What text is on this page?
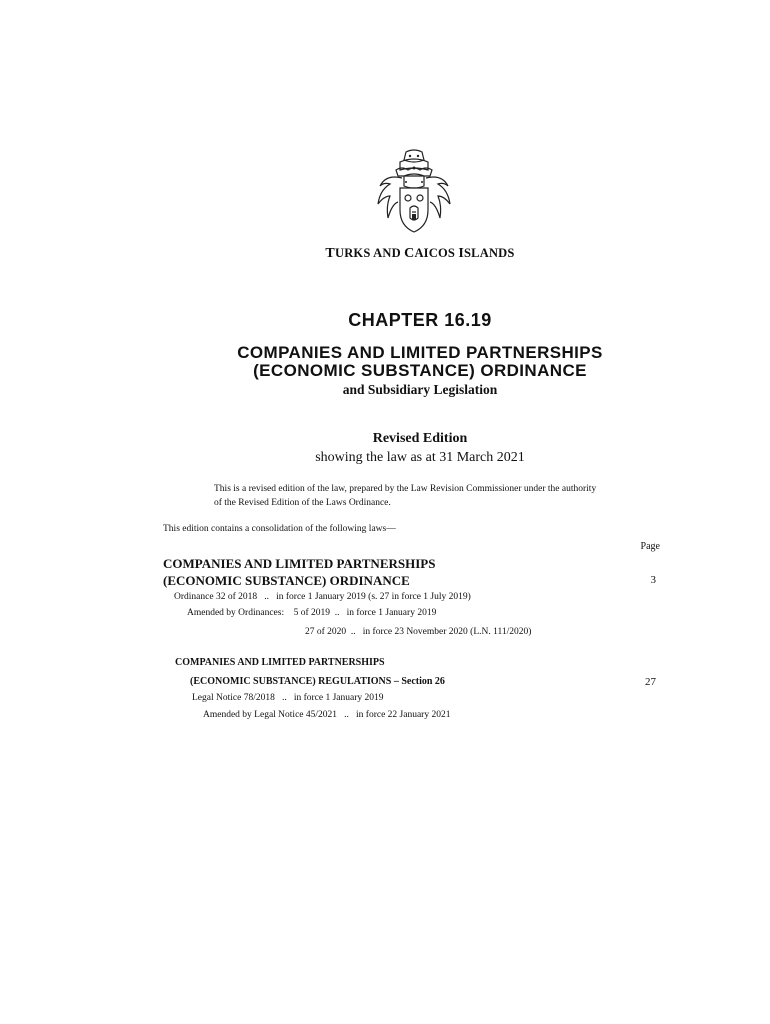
TURKS AND CAICOS ISLANDS
CHAPTER 16.19
COMPANIES AND LIMITED PARTNERSHIPS
(ECONOMIC SUBSTANCE) ORDINANCE
and Subsidiary Legislation
Revised Edition
showing the law as at 31 March 2021
This is a revised edition of the law, prepared by the Law Revision Commissioner under the authority
of the Revised Edition of the Laws Ordinance.
This edition contains a consolidation of the following laws—
Page
COMPANIES AND LIMITED PARTNERSHIPS
(ECONOMIC SUBSTANCE) ORDINANCE	3
Ordinance 32 of 2018   ..   in force 1 January 2019 (s. 27 in force 1 July 2019)
Amended by Ordinances:    5 of 2019  ..   in force 1 January 2019
27 of 2020  ..   in force 23 November 2020 (L.N. 111/2020)
COMPANIES AND LIMITED PARTNERSHIPS
(ECONOMIC SUBSTANCE) REGULATIONS – Section 26	27
Legal Notice 78/2018   ..   in force 1 January 2019
Amended by Legal Notice 45/2021   ..   in force 22 January 2021
